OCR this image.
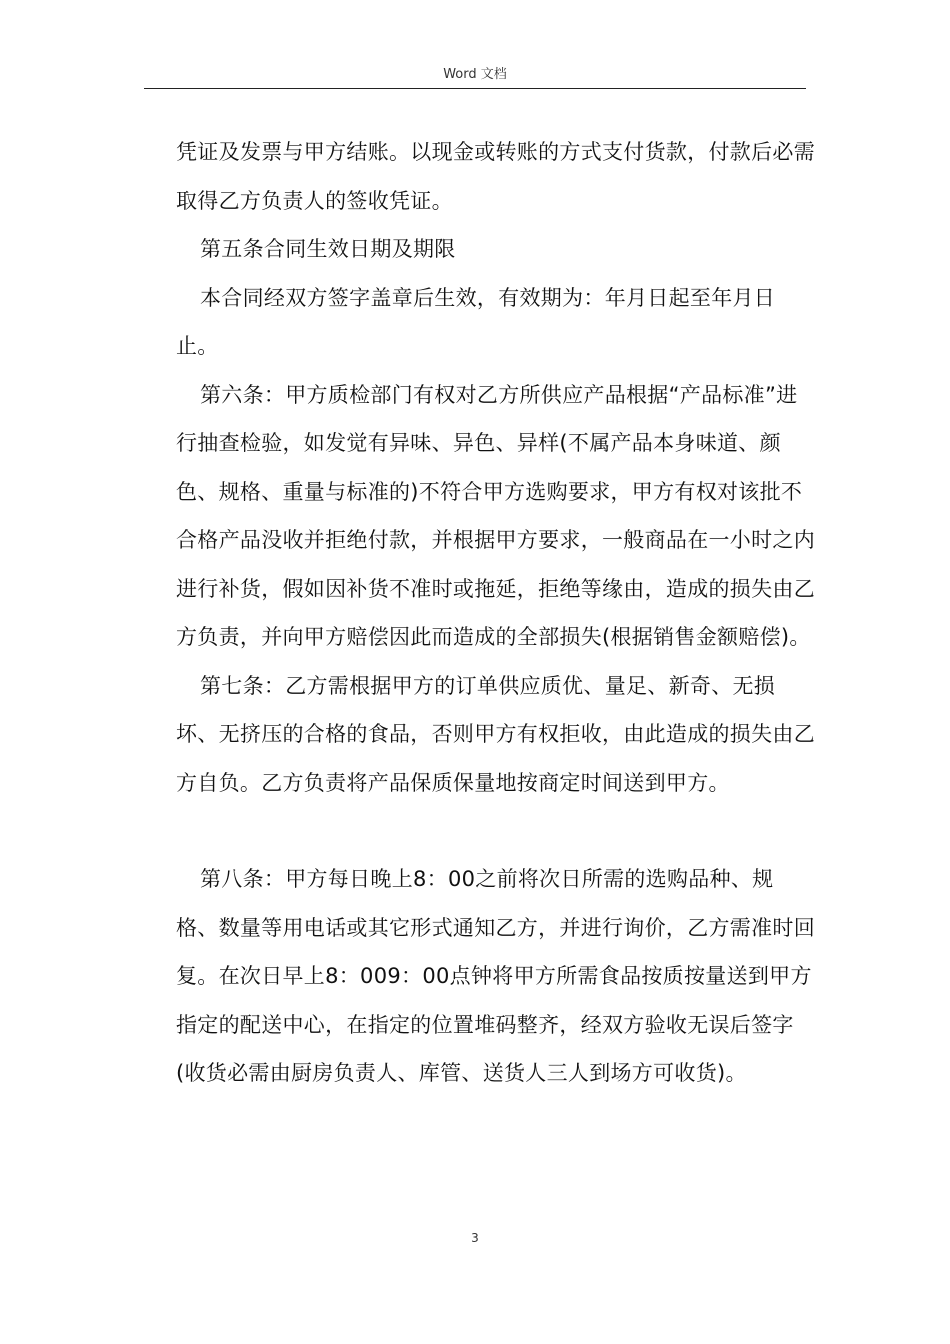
Word 文档

凭证及发票与甲方结账。以现金或转账的方式支付货款，付款后必需取得乙方负责人的签收凭证。

第五条合同生效日期及期限

本合同经双方签字盖章后生效，有效期为：年月日起至年月日止。

第六条：甲方质检部门有权对乙方所供应产品根据“产品标准”进行抽查检验，如发觉有异味、异色、异样(不属产品本身味道、颜色、规格、重量与标准的)不符合甲方选购要求，甲方有权对该批不合格产品没收并拒绝付款，并根据甲方要求，一般商品在一小时之内进行补货，假如因补货不准时或拖延，拒绝等缘由，造成的损失由乙方负责，并向甲方赔偿因此而造成的全部损失(根据销售金额赔偿)。

第七条：乙方需根据甲方的订单供应质优、量足、新奇、无损坏、无挤压的合格的食品，否则甲方有权拒收，由此造成的损失由乙方自负。乙方负责将产品保质保量地按商定时间送到甲方。

第八条：甲方每日晚上8：00之前将次日所需的选购品种、规格、数量等用电话或其它形式通知乙方，并进行询价，乙方需准时回复。在次日早上8：009：00点钟将甲方所需食品按质按量送到甲方指定的配送中心，在指定的位置堆码整齐，经双方验收无误后签字(收货必需由厨房负责人、库管、送货人三人到场方可收货)。

3
